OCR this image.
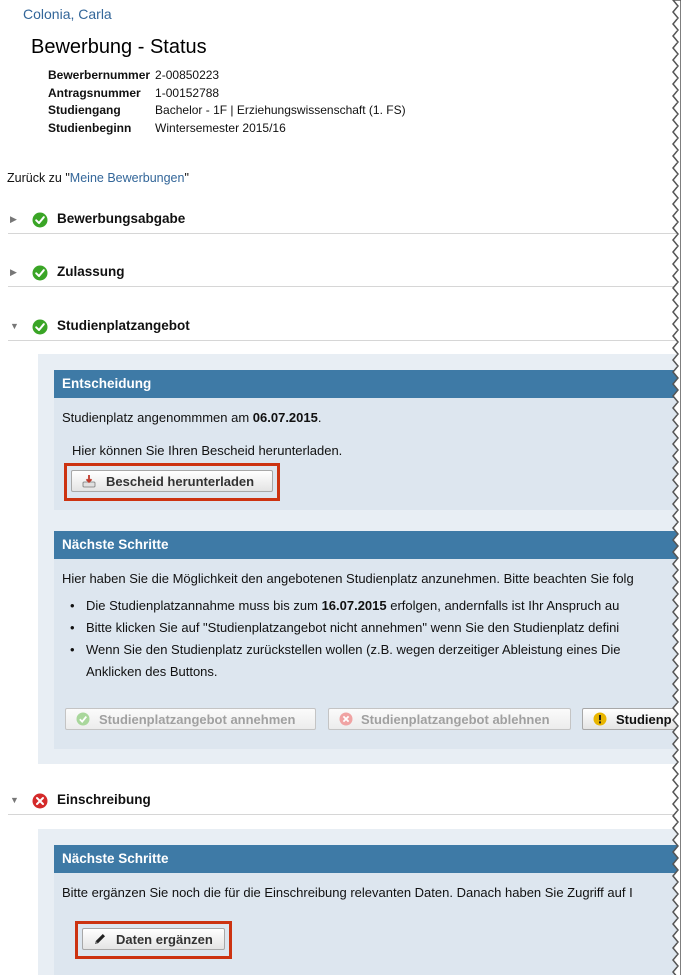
Colonia, Carla
Bewerbung - Status
Bewerbernummer	2-00850223
Antragsnummer	1-00152788
Studiengang	Bachelor - 1F | Erziehungswissenschaft (1. FS)
Studienbeginn	Wintersemester 2015/16
Zurück zu "Meine Bewerbungen"
▶	Bewerbungsabgabe
▶	Zulassung
▼	Studienplatzangebot
Entscheidung
Studienplatz angenommmen am 06.07.2015.
Hier können Sie Ihren Bescheid herunterladen.
Bescheid herunterladen
Nächste Schritte
Hier haben Sie die Möglichkeit den angebotenen Studienplatz anzunehmen. Bitte beachten Sie folg
• Die Studienplatzannahme muss bis zum 16.07.2015 erfolgen, andernfalls ist Ihr Anspruch au
• Bitte klicken Sie auf "Studienplatzangebot nicht annehmen" wenn Sie den Studienplatz defini
• Wenn Sie den Studienplatz zurückstellen wollen (z.B. wegen derzeitiger Ableistung eines Die
Anklicken des Buttons.
Studienplatzangebot annehmen	Studienplatzangebot ablehnen	Studienp
▼	Einschreibung
Nächste Schritte
Bitte ergänzen Sie noch die für die Einschreibung relevanten Daten. Danach haben Sie Zugriff auf I
Daten ergänzen
